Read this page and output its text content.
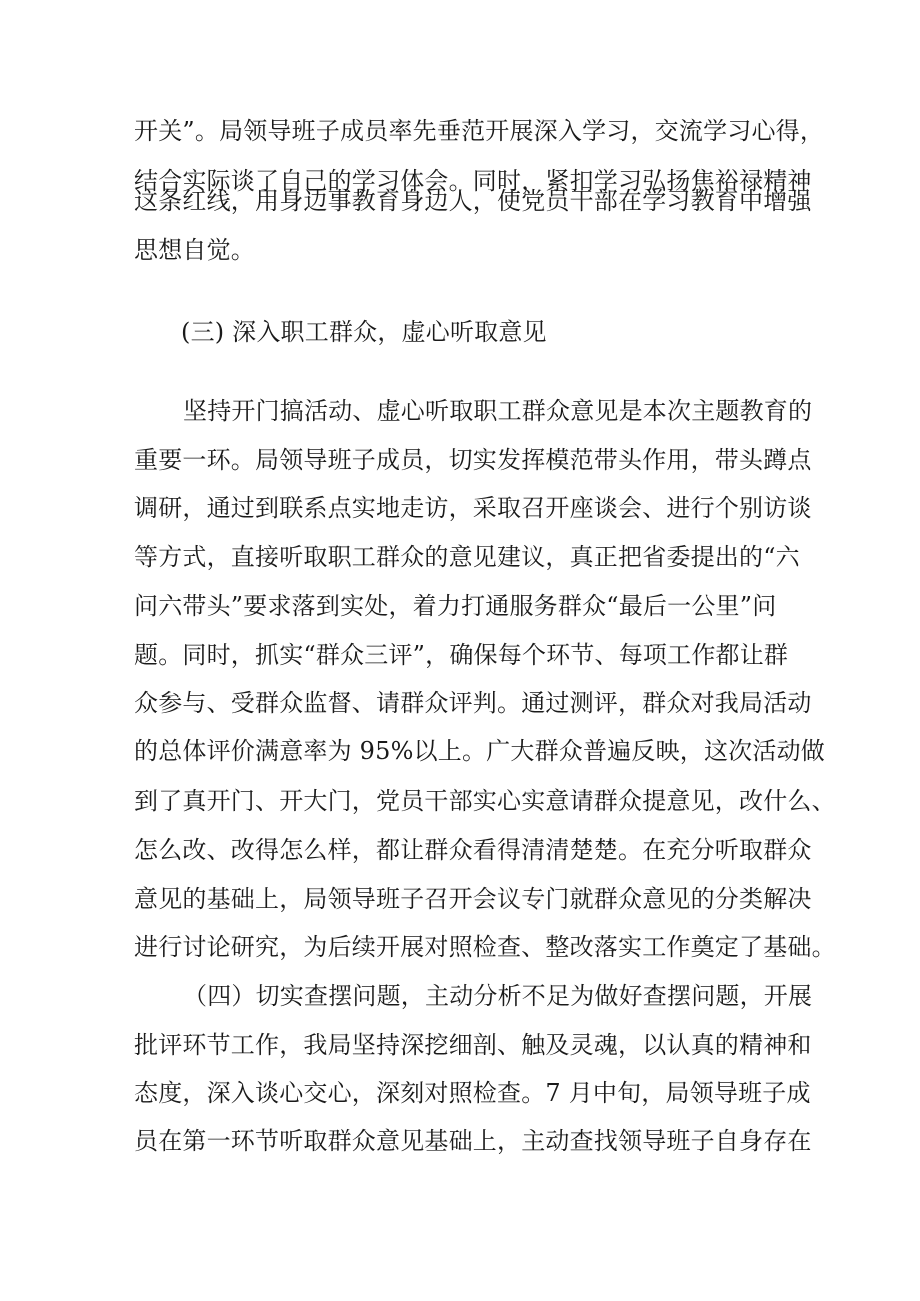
开关”。局领导班子成员率先垂范开展深入学习，交流学习心得，
结合实际谈了自己的学习体会。同时，紧扣学习弘扬焦裕禄精神
这条红线，用身边事教育身边人，使党员干部在学习教育中增强
思想自觉。
(三) 深入职工群众，虚心听取意见
坚持开门搞活动、虚心听取职工群众意见是本次主题教育的
重要一环。局领导班子成员，切实发挥模范带头作用，带头蹲点
调研，通过到联系点实地走访，采取召开座谈会、进行个别访谈
等方式，直接听取职工群众的意见建议，真正把省委提出的“六
问六带头”要求落到实处，着力打通服务群众“最后一公里”问
题。同时，抓实“群众三评”，确保每个环节、每项工作都让群
众参与、受群众监督、请群众评判。通过测评，群众对我局活动
的总体评价满意率为 95%以上。广大群众普遍反映，这次活动做
到了真开门、开大门，党员干部实心实意请群众提意见，改什么、
怎么改、改得怎么样，都让群众看得清清楚楚。在充分听取群众
意见的基础上，局领导班子召开会议专门就群众意见的分类解决
进行讨论研究，为后续开展对照检查、整改落实工作奠定了基础。
（四）切实查摆问题，主动分析不足为做好查摆问题，开展
批评环节工作，我局坚持深挖细剖、触及灵魂，以认真的精神和
态度，深入谈心交心，深刻对照检查。7 月中旬，局领导班子成
员在第一环节听取群众意见基础上，主动查找领导班子自身存在
